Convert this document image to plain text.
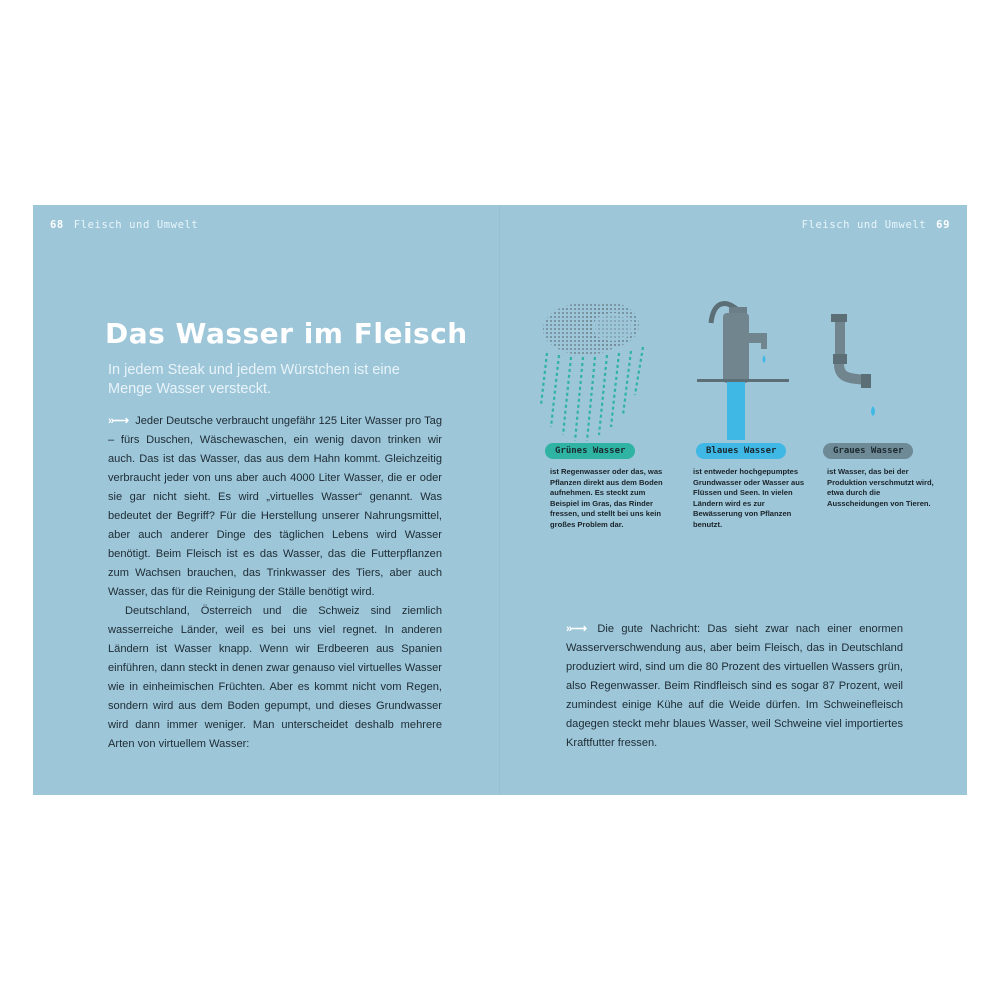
68 Fleisch und Umwelt	Fleisch und Umwelt 69
Das Wasser im Fleisch
In jedem Steak und jedem Würstchen ist eine Menge Wasser versteckt.

»⟶ Jeder Deutsche verbraucht ungefähr 125 Liter Wasser pro Tag – fürs Duschen, Wäschewaschen, ein wenig davon trinken wir auch. Das ist das Wasser, das aus dem Hahn kommt. Gleichzeitig verbraucht jeder von uns aber auch 4000 Liter Wasser, die er oder sie gar nicht sieht. Es wird „virtuelles Wasser“ genannt. Was bedeutet der Begriff? Für die Herstellung unserer Nahrungsmittel, aber auch anderer Dinge des täglichen Lebens wird Wasser benötigt. Beim Fleisch ist es das Wasser, das die Futterpflanzen zum Wachsen brauchen, das Trinkwasser des Tiers, aber auch Wasser, das für die Reinigung der Ställe benötigt wird.

Deutschland, Österreich und die Schweiz sind ziemlich wasserreiche Länder, weil es bei uns viel regnet. In anderen Ländern ist Wasser knapp. Wenn wir Erdbeeren aus Spanien einführen, dann steckt in denen zwar genauso viel virtuelles Wasser wie in einheimischen Früchten. Aber es kommt nicht vom Regen, sondern wird aus dem Boden gepumpt, und dieses Grundwasser wird dann immer weniger. Man unterscheidet deshalb mehrere Arten von virtuellem Wasser:

Grünes Wasser	Blaues Wasser	Graues Wasser
ist Regenwasser oder das, was Pflanzen direkt aus dem Boden aufnehmen. Es steckt zum Beispiel im Gras, das Rinder fressen, und stellt bei uns kein großes Problem dar.
ist entweder hochgepumptes Grundwasser oder Wasser aus Flüssen und Seen. In vielen Ländern wird es zur Bewässerung von Pflanzen benutzt.
ist Wasser, das bei der Produktion verschmutzt wird, etwa durch die Ausscheidungen von Tieren.

»⟶ Die gute Nachricht: Das sieht zwar nach einer enormen Wasserverschwendung aus, aber beim Fleisch, das in Deutschland produziert wird, sind um die 80 Prozent des virtuellen Wassers grün, also Regenwasser. Beim Rindfleisch sind es sogar 87 Prozent, weil zumindest einige Kühe auf die Weide dürfen. Im Schweinefleisch dagegen steckt mehr blaues Wasser, weil Schweine viel importiertes Kraftfutter fressen.
